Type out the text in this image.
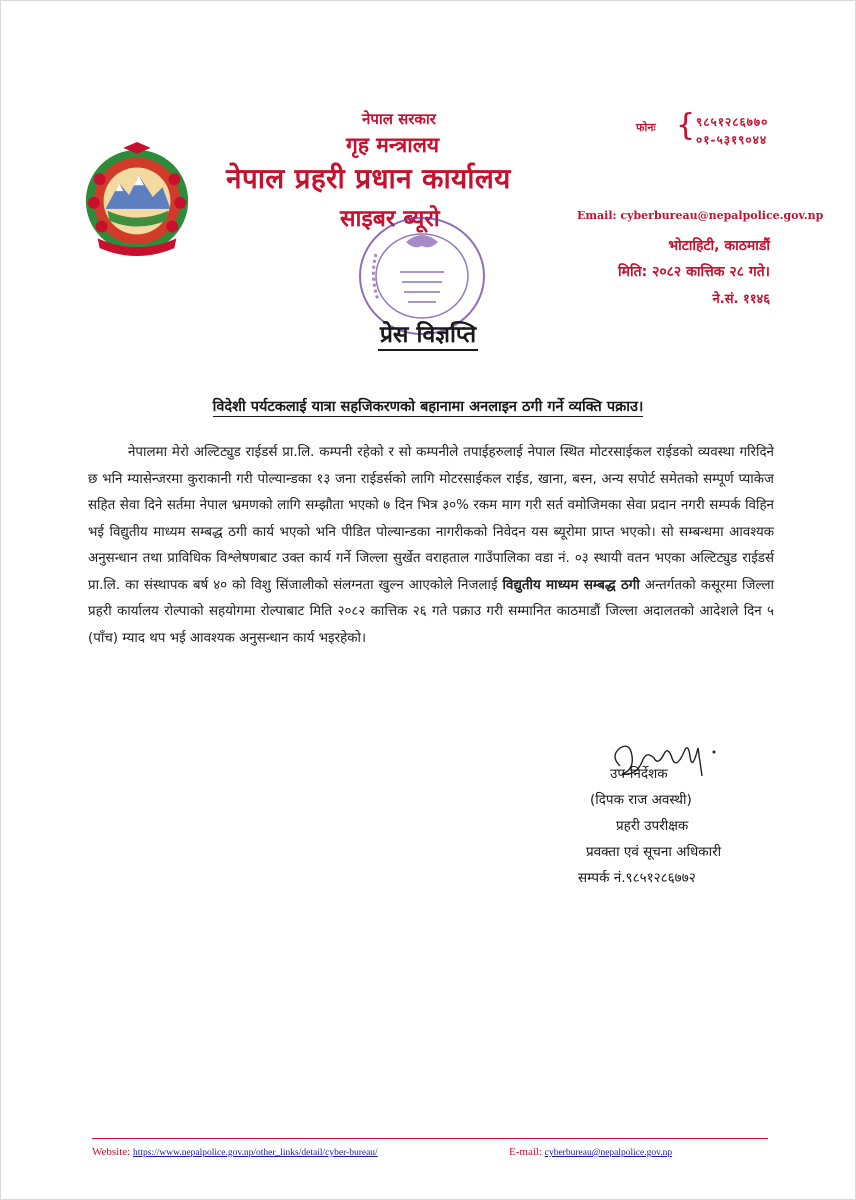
नेपाल सरकार
गृह मन्त्रालय
नेपाल प्रहरी प्रधान कार्यालय
साइबर ब्यूरो
फोनः { ९८५१२८६७७०
०१-५३१९०४४
Email: cyberbureau@nepalpolice.gov.np
भोटाहिटी, काठमाडौं
मिति: २०८२ कात्तिक २८ गते।
ने.सं. ११४६
प्रेस विज्ञप्ति
विदेशी पर्यटकलाई यात्रा सहजिकरणको बहानामा अनलाइन ठगी गर्ने व्यक्ति पक्राउ।
नेपालमा मेरो अल्टिट्युड राईडर्स प्रा.लि. कम्पनी रहेको र सो कम्पनीले तपाईहरुलाई नेपाल स्थित मोटरसाईकल राईडको व्यवस्था गरिदिने छ भनि म्यासेन्जरमा कुराकानी गरी पोल्यान्डका १३ जना राईडर्सको लागि मोटरसाईकल राईड, खाना, बस्न, अन्य सपोर्ट समेतको सम्पूर्ण प्याकेज सहित सेवा दिने सर्तमा नेपाल भ्रमणको लागि सम्झौता भएको ७ दिन भित्र ३०% रकम माग गरी सर्त वमोजिमका सेवा प्रदान नगरी सम्पर्क विहिन भई विद्युतीय माध्यम सम्बद्ध ठगी कार्य भएको भनि पीडित पोल्यान्डका नागरीकको निवेदन यस ब्यूरोमा प्राप्त भएको। सो सम्बन्धमा आवश्यक अनुसन्धान तथा प्राविधिक विश्लेषणबाट उक्त कार्य गर्ने जिल्ला सुर्खेत वराहताल गाउँपालिका वडा नं. ०३ स्थायी वतन भएका अल्टिट्युड राईडर्स प्रा.लि. का संस्थापक बर्ष ४० को विशु सिंजालीको संलग्नता खुल्न आएकोले निजलाई विद्युतीय माध्यम सम्बद्ध ठगी अन्तर्गतको कसूरमा जिल्ला प्रहरी कार्यालय रोल्पाको सहयोगमा रोल्पाबाट मिति २०८२ कात्तिक २६ गते पक्राउ गरी सम्मानित काठमाडौं जिल्ला अदालतको आदेशले दिन ५ (पाँच) म्याद थप भई आवश्यक अनुसन्धान कार्य भइरहेको।
उप-निर्देशक
(दिपक राज अवस्थी)
प्रहरी उपरीक्षक
प्रवक्ता एवं सूचना अधिकारी
सम्पर्क नं.९८५१२८६७७२
Website: https://www.nepalpolice.gov.np/other_links/detail/cyber-bureau/	E-mail: cyberbureau@nepalpolice.gov.np
